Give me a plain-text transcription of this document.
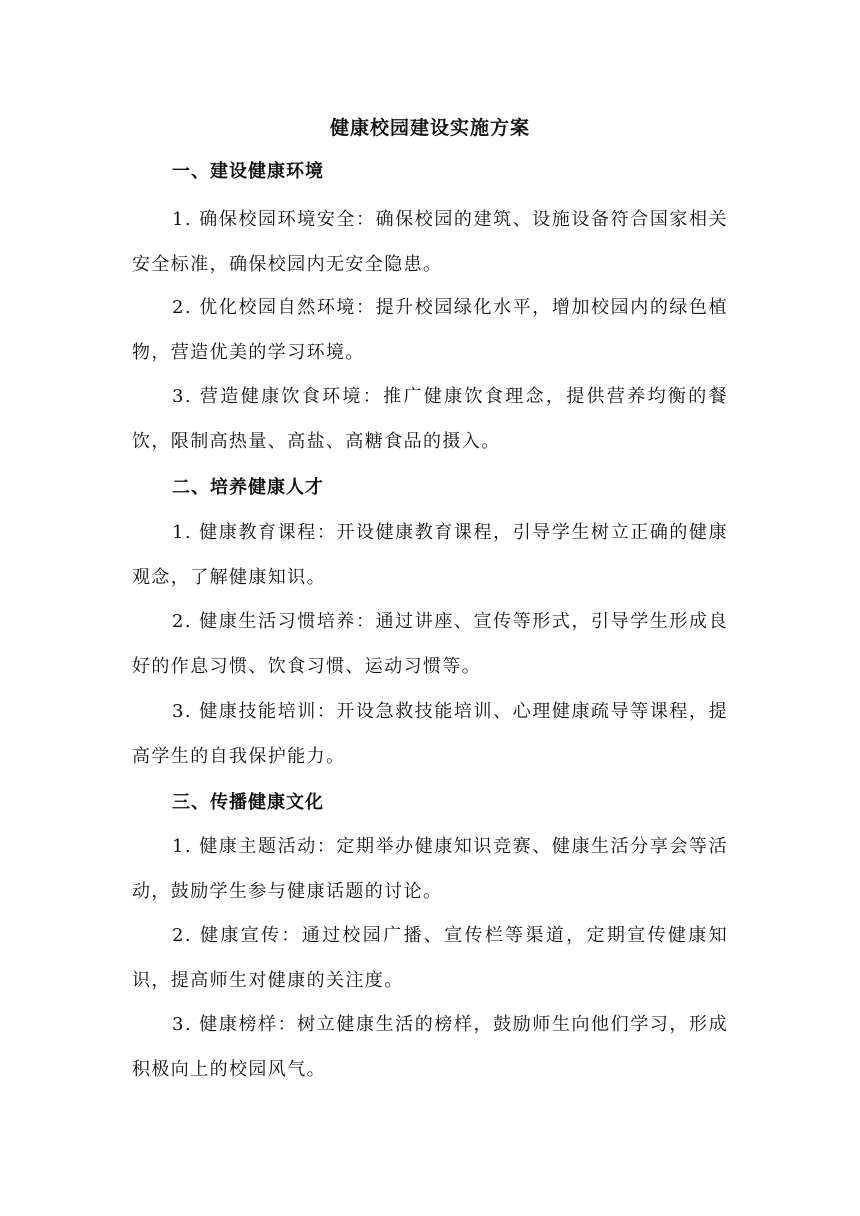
健康校园建设实施方案
一、建设健康环境

1. 确保校园环境安全：确保校园的建筑、设施设备符合国家相关安全标准，确保校园内无安全隐患。

2. 优化校园自然环境：提升校园绿化水平，增加校园内的绿色植物，营造优美的学习环境。

3. 营造健康饮食环境：推广健康饮食理念，提供营养均衡的餐饮，限制高热量、高盐、高糖食品的摄入。

二、培养健康人才

1. 健康教育课程：开设健康教育课程，引导学生树立正确的健康观念，了解健康知识。

2. 健康生活习惯培养：通过讲座、宣传等形式，引导学生形成良好的作息习惯、饮食习惯、运动习惯等。

3. 健康技能培训：开设急救技能培训、心理健康疏导等课程，提高学生的自我保护能力。

三、传播健康文化

1. 健康主题活动：定期举办健康知识竞赛、健康生活分享会等活动，鼓励学生参与健康话题的讨论。

2. 健康宣传：通过校园广播、宣传栏等渠道，定期宣传健康知识，提高师生对健康的关注度。

3. 健康榜样：树立健康生活的榜样，鼓励师生向他们学习，形成积极向上的校园风气。
